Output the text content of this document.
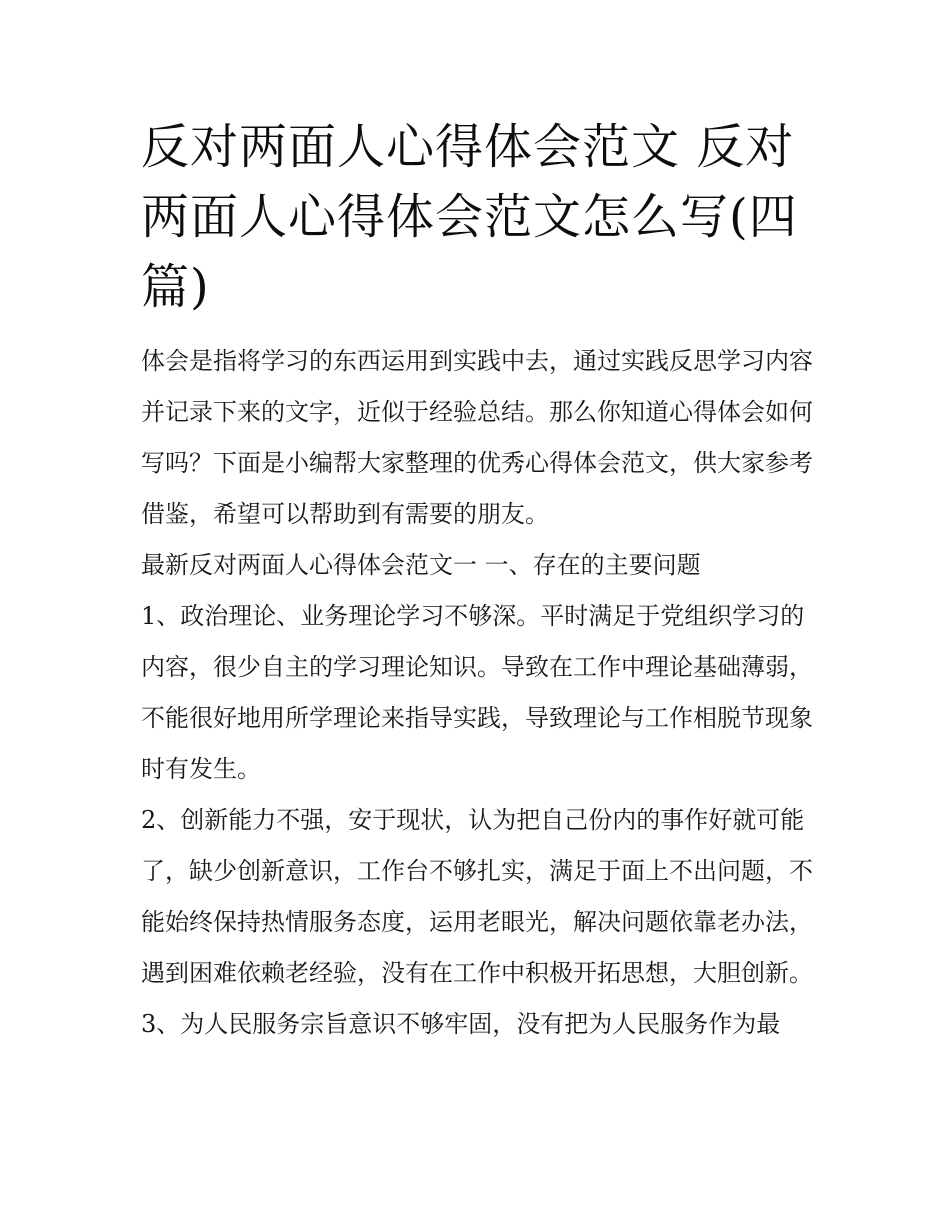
反对两面人心得体会范文 反对两面人心得体会范文怎么写(四篇)

体会是指将学习的东西运用到实践中去，通过实践反思学习内容并记录下来的文字，近似于经验总结。那么你知道心得体会如何写吗？下面是小编帮大家整理的优秀心得体会范文，供大家参考借鉴，希望可以帮助到有需要的朋友。

最新反对两面人心得体会范文一 一、存在的主要问题

1、政治理论、业务理论学习不够深。平时满足于党组织学习的内容，很少自主的学习理论知识。导致在工作中理论基础薄弱，不能很好地用所学理论来指导实践，导致理论与工作相脱节现象时有发生。

2、创新能力不强，安于现状，认为把自己份内的事作好就可能了，缺少创新意识，工作台不够扎实，满足于面上不出问题，不能始终保持热情服务态度，运用老眼光，解决问题依靠老办法，遇到困难依赖老经验，没有在工作中积极开拓思想，大胆创新。

3、为人民服务宗旨意识不够牢固，没有把为人民服务作为最
